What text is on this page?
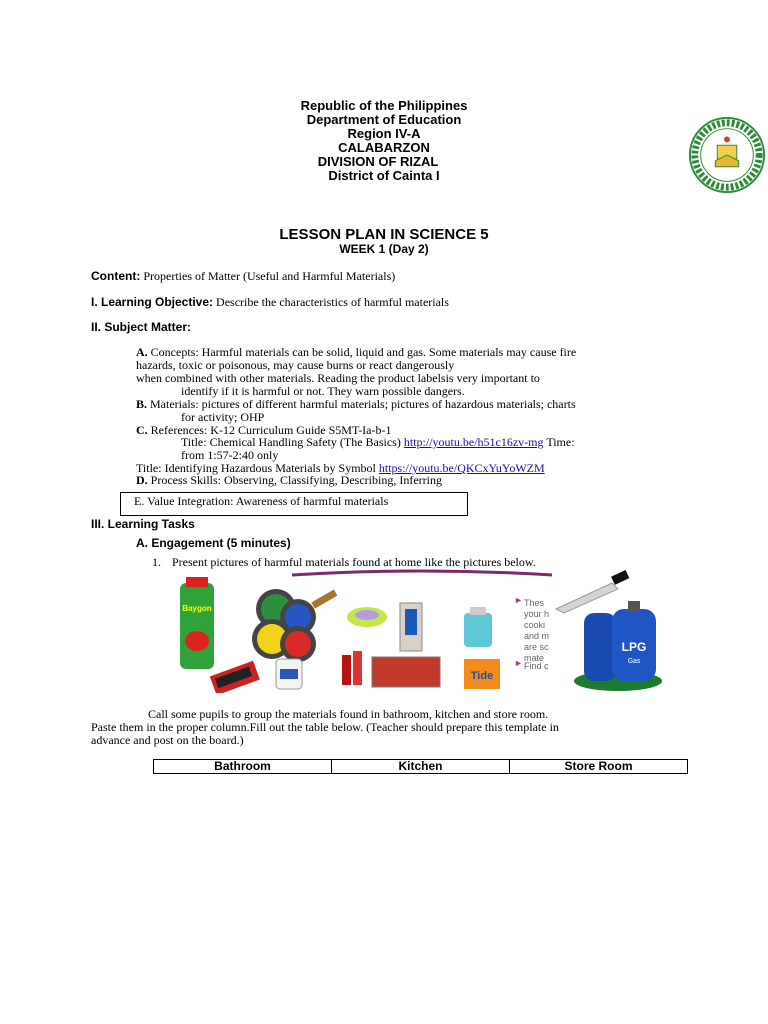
Republic of the Philippines
Department of Education
Region IV-A
CALABARZON
DIVISION OF RIZAL
District of Cainta I
LESSON PLAN IN SCIENCE 5
WEEK 1 (Day 2)
Content: Properties of Matter (Useful and Harmful Materials)
I. Learning Objective: Describe the characteristics of harmful materials
II. Subject Matter:
A. Concepts: Harmful materials can be solid, liquid and gas. Some materials may cause fire
hazards, toxic or poisonous, may cause burns or react dangerously
when combined with other materials. Reading the product labelsis very important to
identify if it is harmful or not. They warn possible dangers.
B. Materials: pictures of different harmful materials; pictures of hazardous materials; charts
for activity; OHP
C. References: K-12 Curriculum Guide S5MT-Ia-b-1
Title: Chemical Handling Safety (The Basics) http://youtu.be/h51c16zv-mg Time:
from 1:57-2:40 only
Title: Identifying Hazardous Materials by Symbol https://youtu.be/QKCxYuYoWZM
D. Process Skills: Observing, Classifying, Describing, Inferring
E. Value Integration: Awareness of harmful materials
III. Learning Tasks
A. Engagement (5 minutes)
1. Present pictures of harmful materials found at home like the pictures below.
Baygon
Tide
► Thes
your h
cooki
and m
are sc
mate
► Find c
LPG
Gas
Call some pupils to group the materials found in bathroom, kitchen and store room.
Paste them in the proper column.Fill out the table below. (Teacher should prepare this template in
advance and post on the board.)
Bathroom	Kitchen	Store Room
